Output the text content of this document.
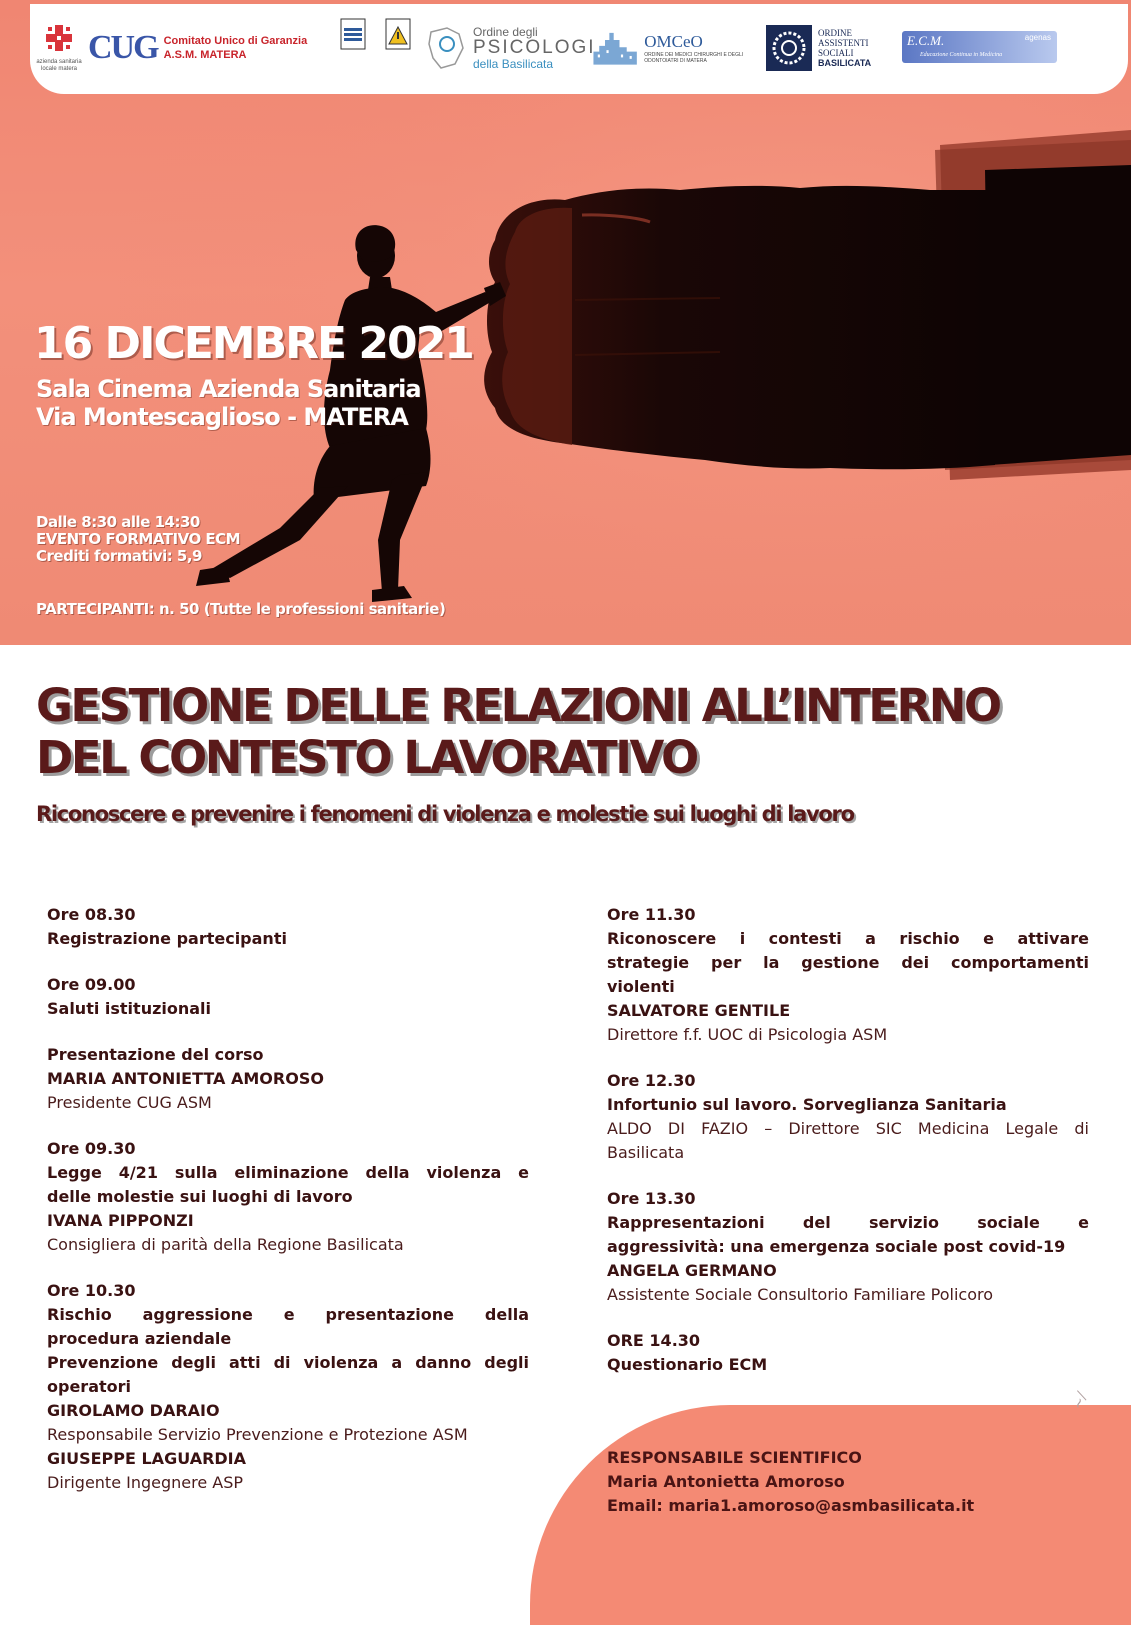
azienda sanitaria locale matera
CUG Comitato Unico di Garanzia
A.S.M. MATERA
Ordine degli
PSICOLOGI
della Basilicata
OMCeO
ORDINE DEI MEDICI CHIRURGHI E DEGLI ODONTOIATRI DI MATERA
ORDINE
ASSISTENTI
SOCIALI
BASILICATA
E.C.M.	agenas
Educazione Continua in Medicina
16 DICEMBRE 2021
Sala Cinema Azienda Sanitaria
Via Montescaglioso - MATERA
Dalle 8:30 alle 14:30
EVENTO FORMATIVO ECM
Crediti formativi: 5,9
PARTECIPANTI: n. 50 (Tutte le professioni sanitarie)
GESTIONE DELLE RELAZIONI ALL’INTERNO
DEL CONTESTO LAVORATIVO
Riconoscere e prevenire i fenomeni di violenza e molestie sui luoghi di lavoro
~/
Ore 08.30
Registrazione partecipanti
Ore 09.00
Saluti istituzionali
Presentazione del corso
MARIA ANTONIETTA AMOROSO
Presidente CUG ASM
Ore 09.30
Legge 4/21 sulla eliminazione della violenza e
delle molestie sui luoghi di lavoro
IVANA PIPPONZI
Consigliera di parità della Regione Basilicata
Ore 10.30
Rischio aggressione e presentazione della
procedura aziendale
Prevenzione degli atti di violenza a danno degli
operatori
GIROLAMO DARAIO
Responsabile Servizio Prevenzione e Protezione ASM
GIUSEPPE LAGUARDIA
Dirigente Ingegnere ASP
Ore 11.30
Riconoscere i contesti a rischio e attivare
strategie per la gestione dei comportamenti
violenti
SALVATORE GENTILE
Direttore f.f. UOC di Psicologia ASM
Ore 12.30
Infortunio sul lavoro. Sorveglianza Sanitaria
ALDO DI FAZIO – Direttore SIC Medicina Legale di
Basilicata
Ore 13.30
Rappresentazioni del servizio sociale e
aggressività: una emergenza sociale post covid-19
ANGELA GERMANO
Assistente Sociale Consultorio Familiare Policoro
ORE 14.30
Questionario ECM
RESPONSABILE SCIENTIFICO
Maria Antonietta Amoroso
Email: maria1.amoroso@asmbasilicata.it
